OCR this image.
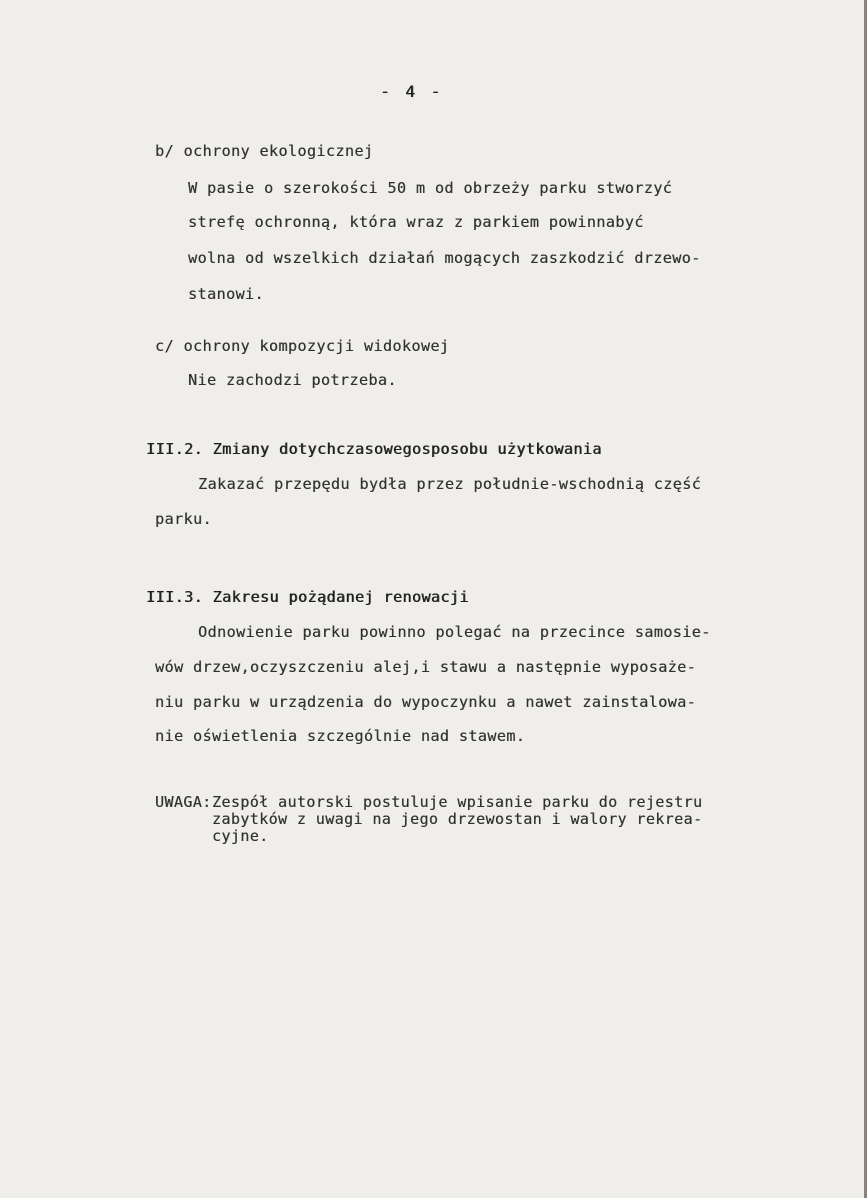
- 4 -
b/ ochrony ekologicznej
W pasie o szerokości 50 m od obrzeży parku stworzyć
strefę ochronną, która wraz z parkiem powinnabyć
wolna od wszelkich działań mogących zaszkodzić drzewo-
stanowi.
c/ ochrony kompozycji widokowej
Nie zachodzi potrzeba.
III.2. Zmiany dotychczasowegosposobu użytkowania
Zakazać przepędu bydła przez południe-wschodnią część
parku.
III.3. Zakresu pożądanej renowacji
Odnowienie parku powinno polegać na przecince samosie-
wów drzew,oczyszczeniu alej,i stawu a następnie wyposaże-
niu parku w urządzenia do wypoczynku a nawet zainstalowa-
nie oświetlenia szczególnie nad stawem.
UWAGA: Zespół autorski postuluje wpisanie parku do rejestru
zabytków z uwagi na jego drzewostan i walory rekrea-
cyjne.
